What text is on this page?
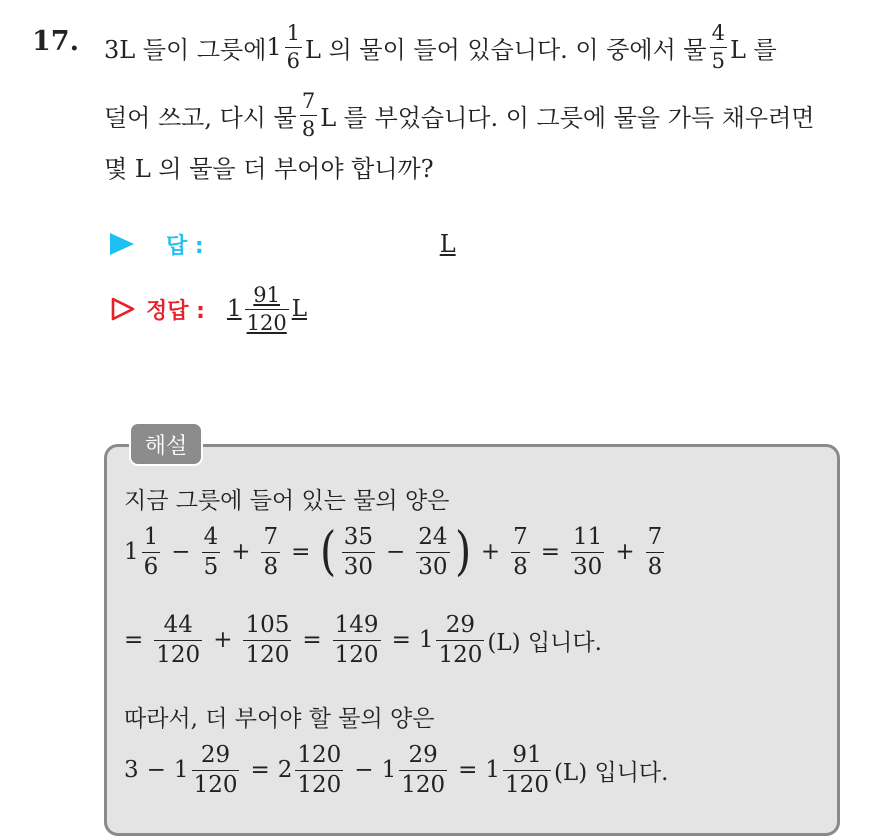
17. 3L 들이 그릇에 $1 \frac{1}{6}$ L 의 물이 들어 있습니다. 이 중에서 물 $\frac{4}{5}$ L 를
덜어 쓰고, 다시 물 $\frac{7}{8}$ L 를 부었습니다. 이 그릇에 물을 가득 채우려면
몇 L 의 물을 더 부어야 합니까?
답 :	L
정답 : $1 \frac{91}{120}$ L
해설
지금 그릇에 들어 있는 물의 양은
$1 \frac{1}{6} - \frac{4}{5} + \frac{7}{8}$ = ( $\frac{35}{30} - \frac{24}{30}$ ) + $\frac{7}{8} = \frac{11}{30} + \frac{7}{8}$
= $\frac{44}{120} + \frac{105}{120} = \frac{149}{120} = 1 \frac{29}{120} (L)$ 입니다.
따라서, 더 부어야 할 물의 양은
$3 - 1 \frac{29}{120} = 2 \frac{120}{120} - 1 \frac{29}{120} = 1 \frac{91}{120} (L)$ 입니다.
